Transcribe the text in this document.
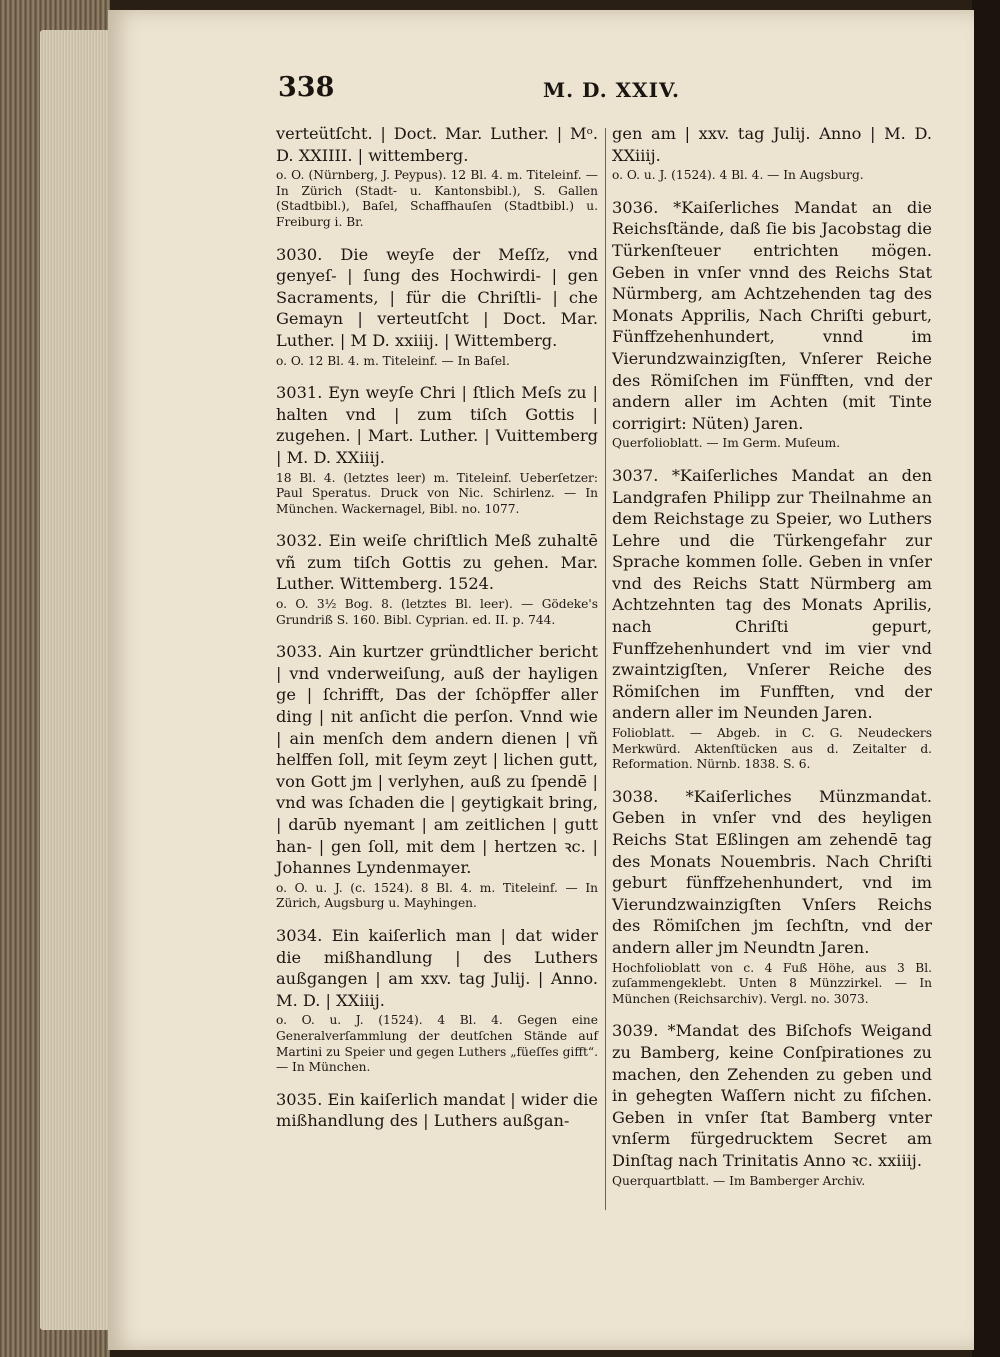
338	M. D. XXIV.
verteütſcht. | Doct. Mar. Luther. | Mᵒ. D. XXIIII. | wittemberg.
o. O. (Nürnberg, J. Peypus). 12 Bl. 4. m. Titeleinf. — In Zürich (Stadt- u. Kantonsbibl.), S. Gallen (Stadtbibl.), Baſel, Schaffhauſen (Stadtbibl.) u. Freiburg i. Br.
3030. Die weyſe der Meſſz, vnd genyeſ- | ſung des Hochwirdi- | gen Sacraments, | für die Chriſtli- | che Gemayn | verteutſcht | Doct. Mar. Luther. | M D. xxiiij. | Wittemberg.
o. O. 12 Bl. 4. m. Titeleinf. — In Baſel.
3031. Eyn weyſe Chri | ſtlich Meſs zu | halten vnd | zum tiſch Gottis | zugehen. | Mart. Luther. | Vuittemberg | M. D. XXiiij.
18 Bl. 4. (letztes leer) m. Titeleinf. Ueberſetzer: Paul Speratus. Druck von Nic. Schirlenz. — In München. Wackernagel, Bibl. no. 1077.
3032. Ein weiſe chriſtlich Meß zuhaltē vñ zum tiſch Gottis zu gehen. Mar. Luther. Wittemberg. 1524.
o. O. 3½ Bog. 8. (letztes Bl. leer). — Gödeke's Grundriß S. 160. Bibl. Cyprian. ed. II. p. 744.
3033. Ain kurtzer gründtlicher bericht | vnd vnderweiſung, auß der hayligen ge | ſchrifft, Das der ſchöpffer aller ding | nit anſicht die perſon. Vnnd wie | ain menſch dem andern dienen | vñ helffen ſoll, mit ſeym zeyt | lichen gutt, von Gott jm | verlyhen, auß zu ſpendē | vnd was ſchaden die | geytigkait bring, | darūb nyemant | am zeitlichen | gutt han- | gen ſoll, mit dem | hertzen ꝛc. | Johannes Lyndenmayer.
o. O. u. J. (c. 1524). 8 Bl. 4. m. Titeleinf. — In Zürich, Augsburg u. Mayhingen.
3034. Ein kaiſerlich man | dat wider die mißhandlung | des Luthers außgangen | am xxv. tag Julij. | Anno. M. D. | XXiiij.
o. O. u. J. (1524). 4 Bl. 4. Gegen eine Generalverſammlung der deutſchen Stände auf Martini zu Speier und gegen Luthers „füeſſes gifft“. — In München.
3035. Ein kaiſerlich mandat | wider die mißhandlung des | Luthers außgan-
gen am | xxv. tag Julij. Anno | M. D. XXiiij.
o. O. u. J. (1524). 4 Bl. 4. — In Augsburg.
3036. *Kaiſerliches Mandat an die Reichsſtände, daß ſie bis Jacobstag die Türkenſteuer entrichten mögen. Geben in vnſer vnnd des Reichs Stat Nürmberg, am Achtzehenden tag des Monats Apprilis, Nach Chriſti geburt, Fünffzehenhundert, vnnd im Vierundzwainzigſten, Vnſerer Reiche des Römiſchen im Fünfften, vnd der andern aller im Achten (mit Tinte corrigirt: Nüten) Jaren.
Querfolioblatt. — Im Germ. Muſeum.
3037. *Kaiſerliches Mandat an den Landgrafen Philipp zur Theilnahme an dem Reichstage zu Speier, wo Luthers Lehre und die Türkengefahr zur Sprache kommen ſolle. Geben in vnſer vnd des Reichs Statt Nürmberg am Achtzehnten tag des Monats Aprilis, nach Chriſti gepurt, Funffzehenhundert vnd im vier vnd zwaintzigſten, Vnſerer Reiche des Römiſchen im Funfften, vnd der andern aller im Neunden Jaren.
Folioblatt. — Abgeb. in C. G. Neudeckers Merkwürd. Aktenſtücken aus d. Zeitalter d. Reformation. Nürnb. 1838. S. 6.
3038. *Kaiſerliches Münzmandat. Geben in vnſer vnd des heyligen Reichs Stat Eßlingen am zehendē tag des Monats Nouembris. Nach Chriſti geburt fünffzehenhundert, vnd im Vierundzwainzigſten Vnſers Reichs des Römiſchen jm ſechſtn, vnd der andern aller jm Neundtn Jaren.
Hochfolioblatt von c. 4 Fuß Höhe, aus 3 Bl. zuſammengeklebt. Unten 8 Münzzirkel. — In München (Reichsarchiv). Vergl. no. 3073.
3039. *Mandat des Biſchofs Weigand zu Bamberg, keine Conſpirationes zu machen, den Zehenden zu geben und in gehegten Waſſern nicht zu fiſchen. Geben in vnſer ſtat Bamberg vnter vnſerm fürgedrucktem Secret am Dinſtag nach Trinitatis Anno ꝛc. xxiiij.
Querquartblatt. — Im Bamberger Archiv.
